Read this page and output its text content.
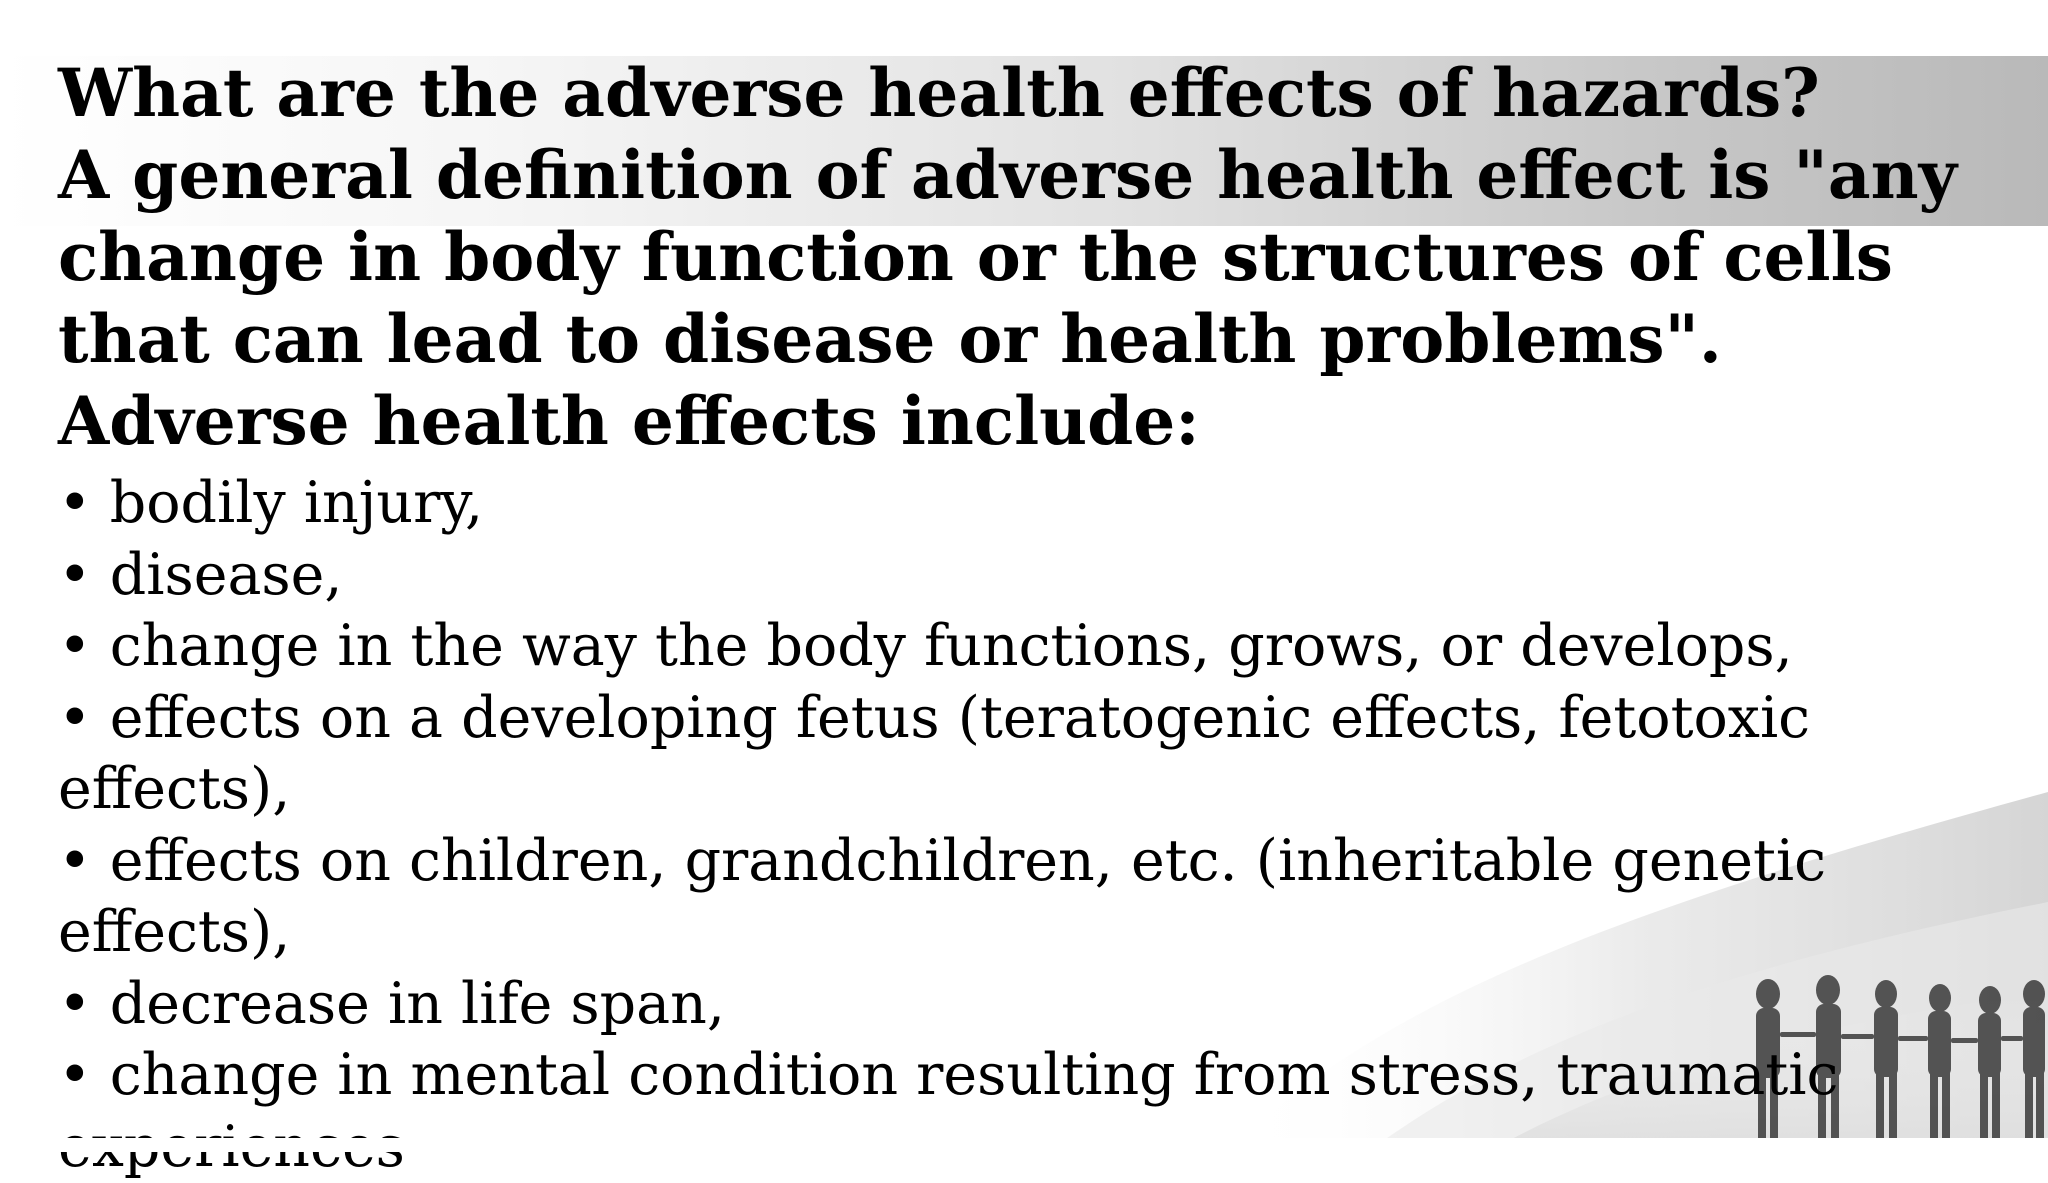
What are the adverse health effects of hazards?

A general definition of adverse health effect is "any

change in body function or the structures of cells

that can lead to disease or health problems".

Adverse health effects include:

• bodily injury,
• disease,
• change in the way the body functions, grows, or develops,
• effects on a developing fetus (teratogenic effects, fetotoxic effects),
• effects on children, grandchildren, etc. (inheritable genetic effects),
• decrease in life span,
• change in mental condition resulting from stress, traumatic
